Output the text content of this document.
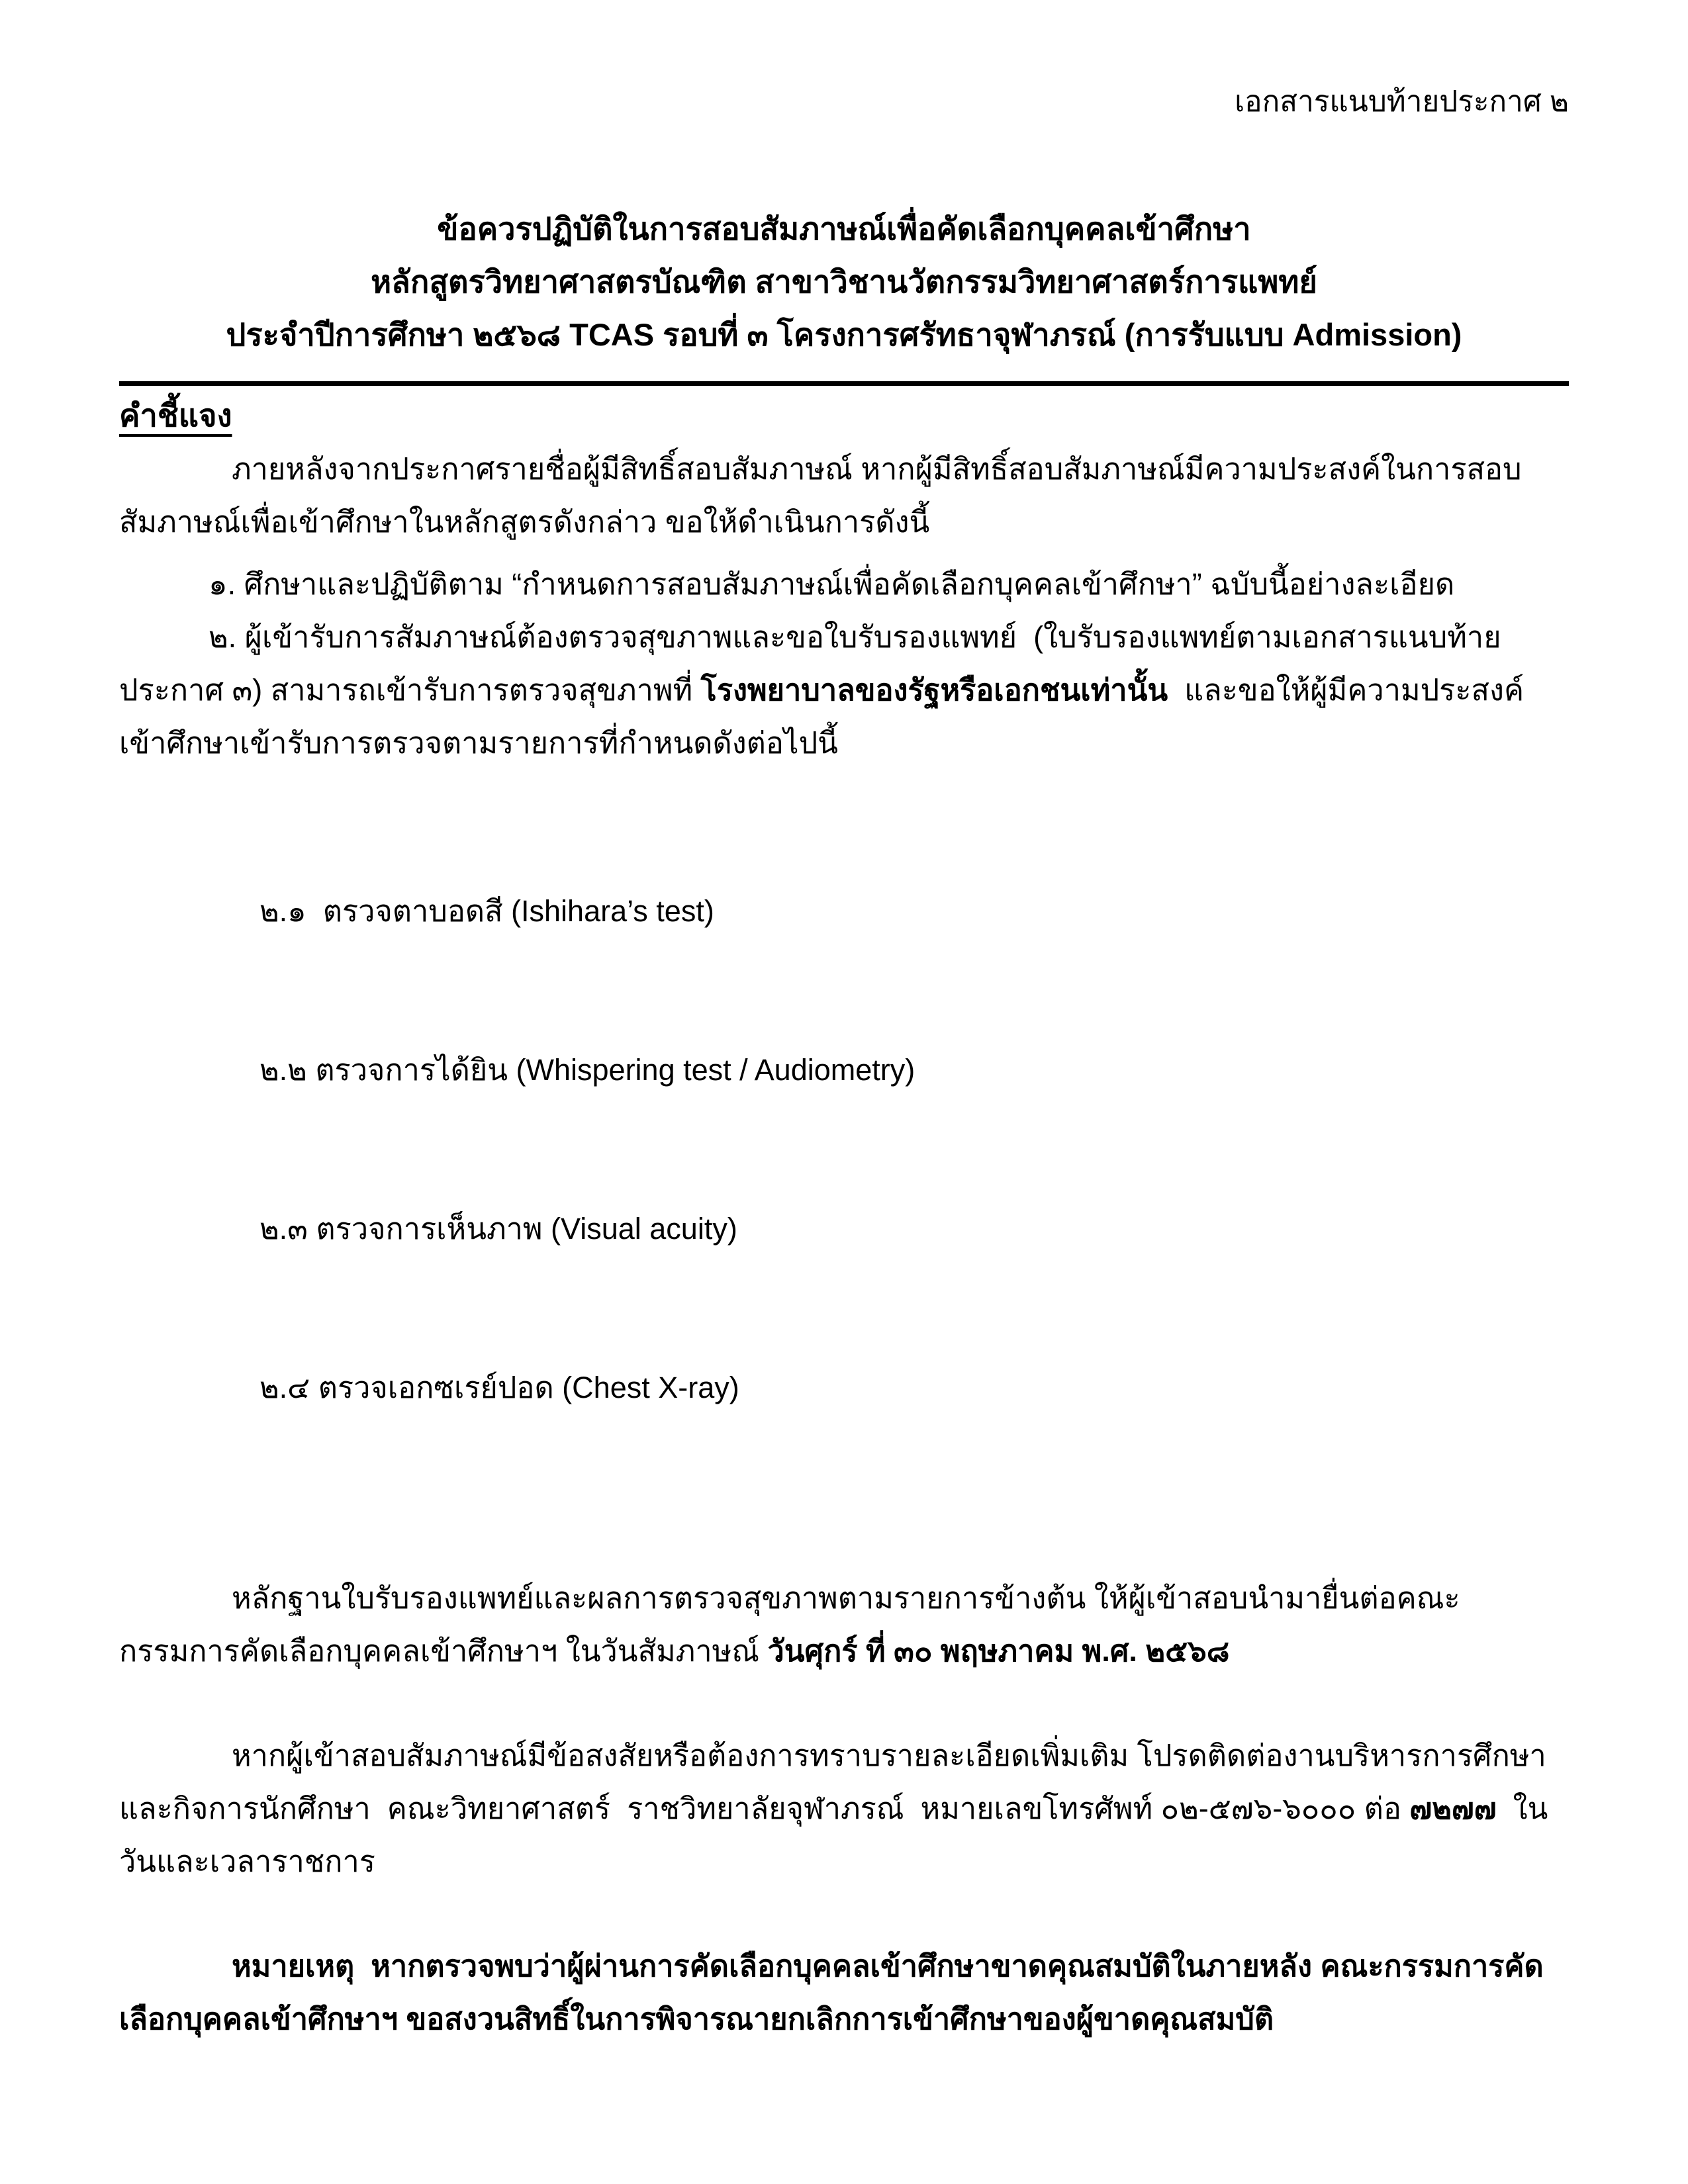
เอกสารแนบท้ายประกาศ ๒
ข้อควรปฏิบัติในการสอบสัมภาษณ์เพื่อคัดเลือกบุคคลเข้าศึกษา
หลักสูตรวิทยาศาสตรบัณฑิต สาขาวิชานวัตกรรมวิทยาศาสตร์การแพทย์
ประจำปีการศึกษา ๒๕๖๘ TCAS รอบที่ ๓ โครงการศรัทธาจุฬาภรณ์ (การรับแบบ Admission)

คำชี้แจง

ภายหลังจากประกาศรายชื่อผู้มีสิทธิ์สอบสัมภาษณ์ หากผู้มีสิทธิ์สอบสัมภาษณ์มีความประสงค์ในการสอบสัมภาษณ์เพื่อเข้าศึกษาในหลักสูตรดังกล่าว ขอให้ดำเนินการดังนี้

๑. ศึกษาและปฏิบัติตาม “กำหนดการสอบสัมภาษณ์เพื่อคัดเลือกบุคคลเข้าศึกษา” ฉบับนี้อย่างละเอียด

๒. ผู้เข้ารับการสัมภาษณ์ต้องตรวจสุขภาพและขอใบรับรองแพทย์  (ใบรับรองแพทย์ตามเอกสารแนบท้ายประกาศ ๓) สามารถเข้ารับการตรวจสุขภาพที่ โรงพยาบาลของรัฐหรือเอกชนเท่านั้น  และขอให้ผู้มีความประสงค์เข้าศึกษาเข้ารับการตรวจตามรายการที่กำหนดดังต่อไปนี้

๒.๑  ตรวจตาบอดสี (Ishihara’s test)

๒.๒ ตรวจการได้ยิน (Whispering test / Audiometry)

๒.๓ ตรวจการเห็นภาพ (Visual acuity)

๒.๔ ตรวจเอกซเรย์ปอด (Chest X-ray)

หลักฐานใบรับรองแพทย์และผลการตรวจสุขภาพตามรายการข้างต้น ให้ผู้เข้าสอบนำมายื่นต่อคณะกรรมการคัดเลือกบุคคลเข้าศึกษาฯ ในวันสัมภาษณ์ วันศุกร์ ที่ ๓๐ พฤษภาคม พ.ศ. ๒๕๖๘

หากผู้เข้าสอบสัมภาษณ์มีข้อสงสัยหรือต้องการทราบรายละเอียดเพิ่มเติม โปรดติดต่องานบริหารการศึกษา และกิจการนักศึกษา  คณะวิทยาศาสตร์  ราชวิทยาลัยจุฬาภรณ์  หมายเลขโทรศัพท์ ๐๒-๕๗๖-๖๐๐๐ ต่อ ๗๒๗๗  ในวันและเวลาราชการ

หมายเหตุ  หากตรวจพบว่าผู้ผ่านการคัดเลือกบุคคลเข้าศึกษาขาดคุณสมบัติในภายหลัง คณะกรรมการคัดเลือกบุคคลเข้าศึกษาฯ ขอสงวนสิทธิ์ในการพิจารณายกเลิกการเข้าศึกษาของผู้ขาดคุณสมบัติ
